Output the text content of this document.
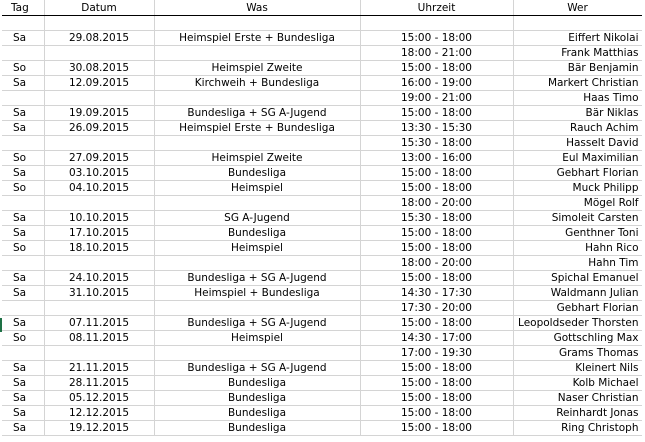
Tag	Datum	Was	Uhrzeit	Wer

Sa	29.08.2015	Heimspiel Erste + Bundesliga	15:00 - 18:00	Eiffert Nikolai
			18:00 - 21:00	Frank Matthias
So	30.08.2015	Heimspiel Zweite	15:00 - 18:00	Bär Benjamin
Sa	12.09.2015	Kirchweih + Bundesliga	16:00 - 19:00	Markert Christian
			19:00 - 21:00	Haas Timo
Sa	19.09.2015	Bundesliga + SG A-Jugend	15:00 - 18:00	Bär Niklas
Sa	26.09.2015	Heimspiel Erste + Bundesliga	13:30 - 15:30	Rauch Achim
			15:30 - 18:00	Hasselt David
So	27.09.2015	Heimspiel Zweite	13:00 - 16:00	Eul Maximilian
Sa	03.10.2015	Bundesliga	15:00 - 18:00	Gebhart Florian
So	04.10.2015	Heimspiel	15:00 - 18:00	Muck Philipp
			18:00 - 20:00	Mögel Rolf
Sa	10.10.2015	SG A-Jugend	15:30 - 18:00	Simoleit Carsten
Sa	17.10.2015	Bundesliga	15:00 - 18:00	Genthner Toni
So	18.10.2015	Heimspiel	15:00 - 18:00	Hahn Rico
			18:00 - 20:00	Hahn Tim
Sa	24.10.2015	Bundesliga + SG A-Jugend	15:00 - 18:00	Spichal Emanuel
Sa	31.10.2015	Heimspiel + Bundesliga	14:30 - 17:30	Waldmann Julian
			17:30 - 20:00	Gebhart Florian
Sa	07.11.2015	Bundesliga + SG A-Jugend	15:00 - 18:00	Leopoldseder Thorsten
So	08.11.2015	Heimspiel	14:30 - 17:00	Gottschling Max
			17:00 - 19:30	Grams Thomas
Sa	21.11.2015	Bundesliga + SG A-Jugend	15:00 - 18:00	Kleinert Nils
Sa	28.11.2015	Bundesliga	15:00 - 18:00	Kolb Michael
Sa	05.12.2015	Bundesliga	15:00 - 18:00	Naser Christian
Sa	12.12.2015	Bundesliga	15:00 - 18:00	Reinhardt Jonas
Sa	19.12.2015	Bundesliga	15:00 - 18:00	Ring Christoph
